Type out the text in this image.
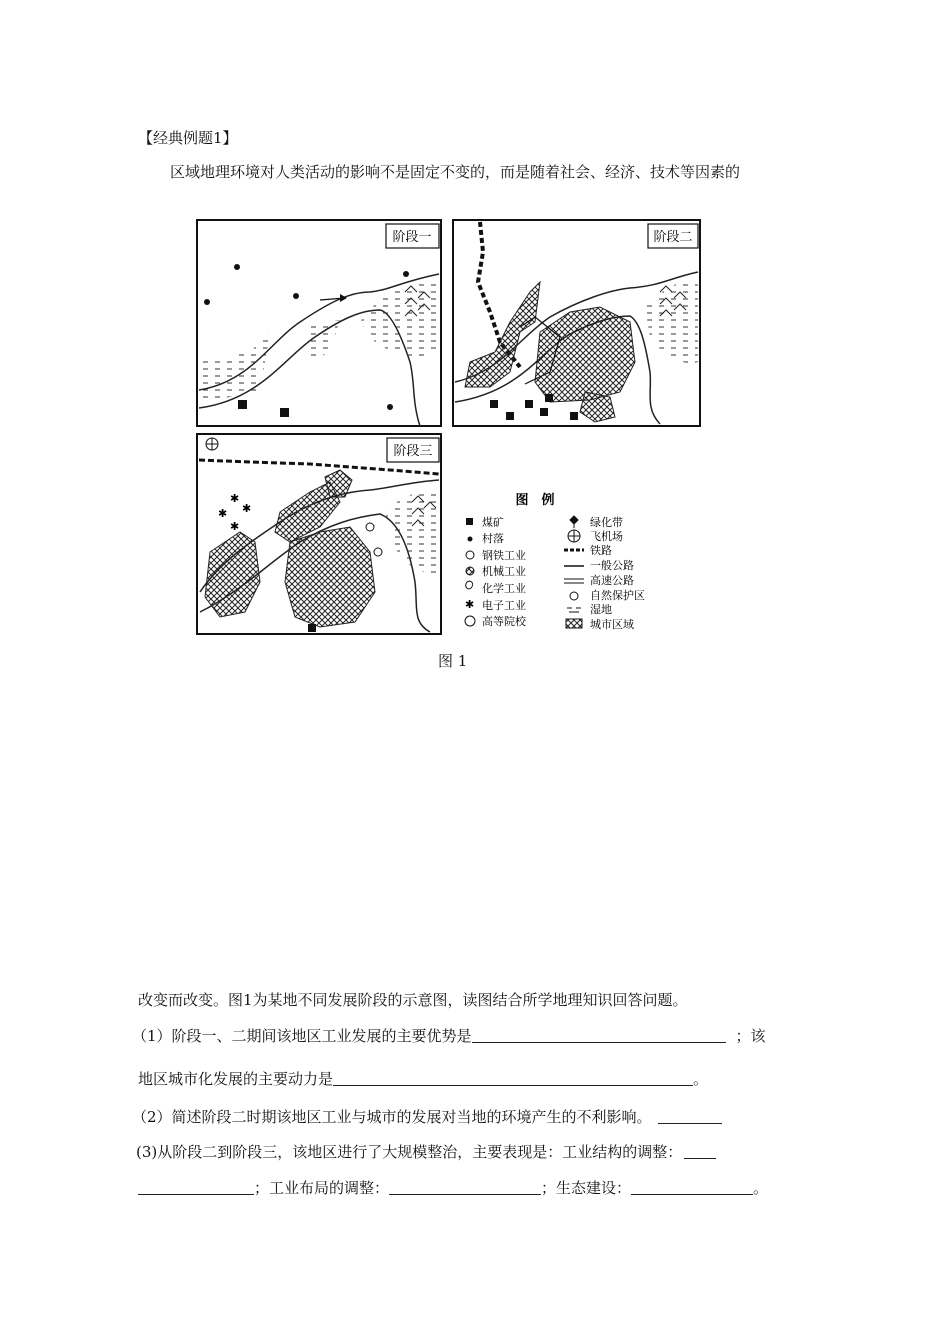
【经典例题1】
区域地理环境对人类活动的影响不是固定不变的，而是随着社会、经济、技术等因素的
阶段一	阶段二
阶段三
✱
✱
✱
✱
图　例
✱
煤矿
村落
钢铁工业
机械工业
化学工业
电子工业
高等院校
绿化带
飞机场
铁路
一般公路
高速公路
自然保护区
湿地
城市区域
图 1
改变而改变。图1为某地不同发展阶段的示意图，读图结合所学地理知识回答问题。
（1）阶段一、二期间该地区工业发展的主要优势是	；该
地区城市化发展的主要动力是	。
（2）简述阶段二时期该地区工业与城市的发展对当地的环境产生的不利影响。
(3)从阶段二到阶段三，该地区进行了大规模整治，主要表现是：工业结构的调整：
；工业布局的调整：	；生态建设：	。
